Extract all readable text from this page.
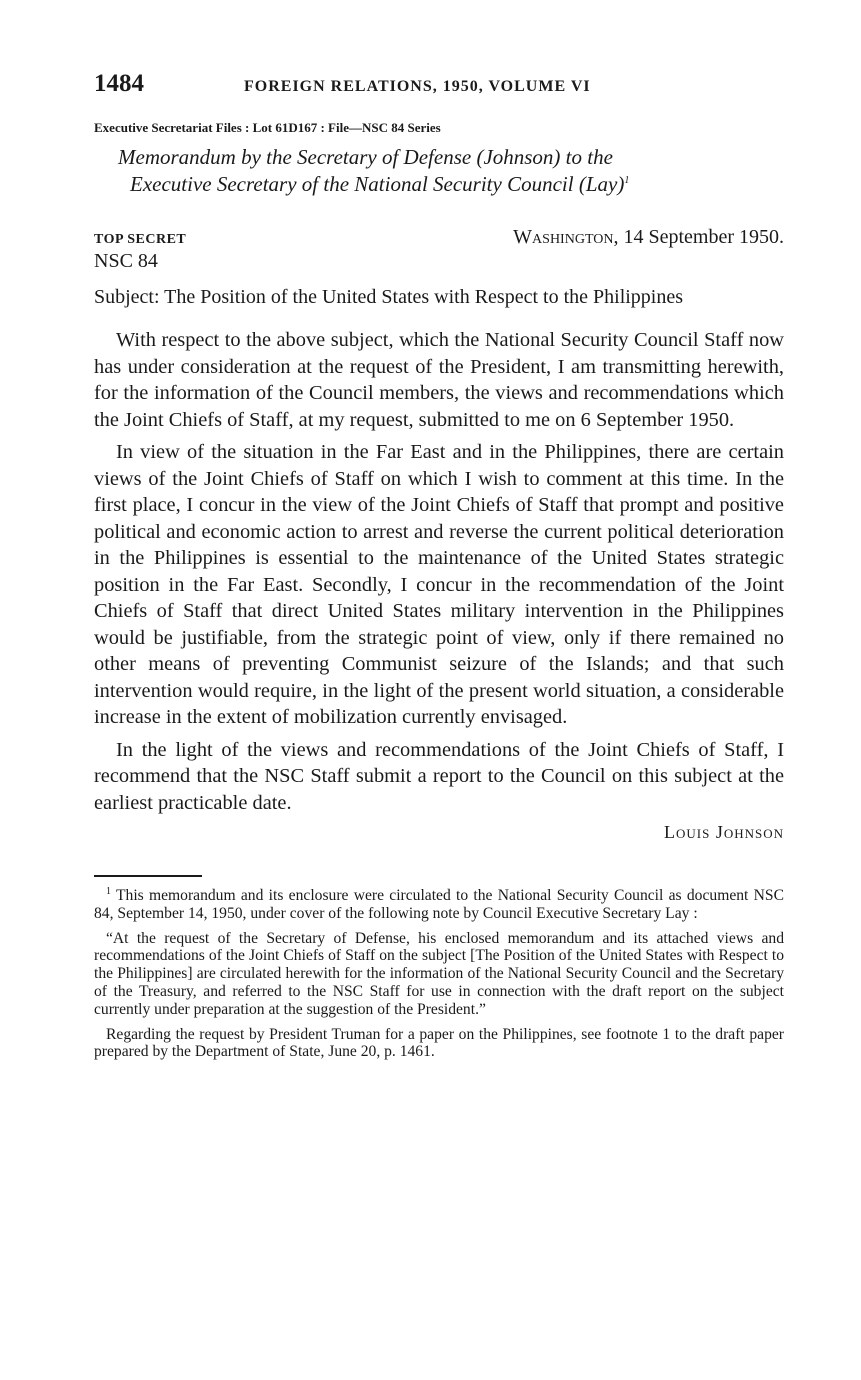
1484	FOREIGN RELATIONS, 1950, VOLUME VI
Executive Secretariat Files : Lot 61D167 : File—NSC 84 Series
Memorandum by the Secretary of Defense (Johnson) to the
Executive Secretary of the National Security Council (Lay)$^1$
TOP SECRET	Washington, 14 September 1950.
NSC 84
Subject: The Position of the United States with Respect to the Philippines

With respect to the above subject, which the National Security Council Staff now has under consideration at the request of the President, I am transmitting herewith, for the information of the Council members, the views and recommendations which the Joint Chiefs of Staff, at my request, submitted to me on 6 September 1950.

In view of the situation in the Far East and in the Philippines, there are certain views of the Joint Chiefs of Staff on which I wish to comment at this time. In the first place, I concur in the view of the Joint Chiefs of Staff that prompt and positive political and economic action to arrest and reverse the current political deterioration in the Philippines is essential to the maintenance of the United States strategic position in the Far East. Secondly, I concur in the recommendation of the Joint Chiefs of Staff that direct United States military intervention in the Philippines would be justifiable, from the strategic point of view, only if there remained no other means of preventing Communist seizure of the Islands; and that such intervention would require, in the light of the present world situation, a considerable increase in the extent of mobilization currently envisaged.

In the light of the views and recommendations of the Joint Chiefs of Staff, I recommend that the NSC Staff submit a report to the Council on this subject at the earliest practicable date.

Louis Johnson

$^1$ This memorandum and its enclosure were circulated to the National Security Council as document NSC 84, September 14, 1950, under cover of the following note by Council Executive Secretary Lay :

“At the request of the Secretary of Defense, his enclosed memorandum and its attached views and recommendations of the Joint Chiefs of Staff on the subject [The Position of the United States with Respect to the Philippines] are circulated herewith for the information of the National Security Council and the Secretary of the Treasury, and referred to the NSC Staff for use in connection with the draft report on the subject currently under preparation at the suggestion of the President.”

Regarding the request by President Truman for a paper on the Philippines, see footnote 1 to the draft paper prepared by the Department of State, June 20, p. 1461.
